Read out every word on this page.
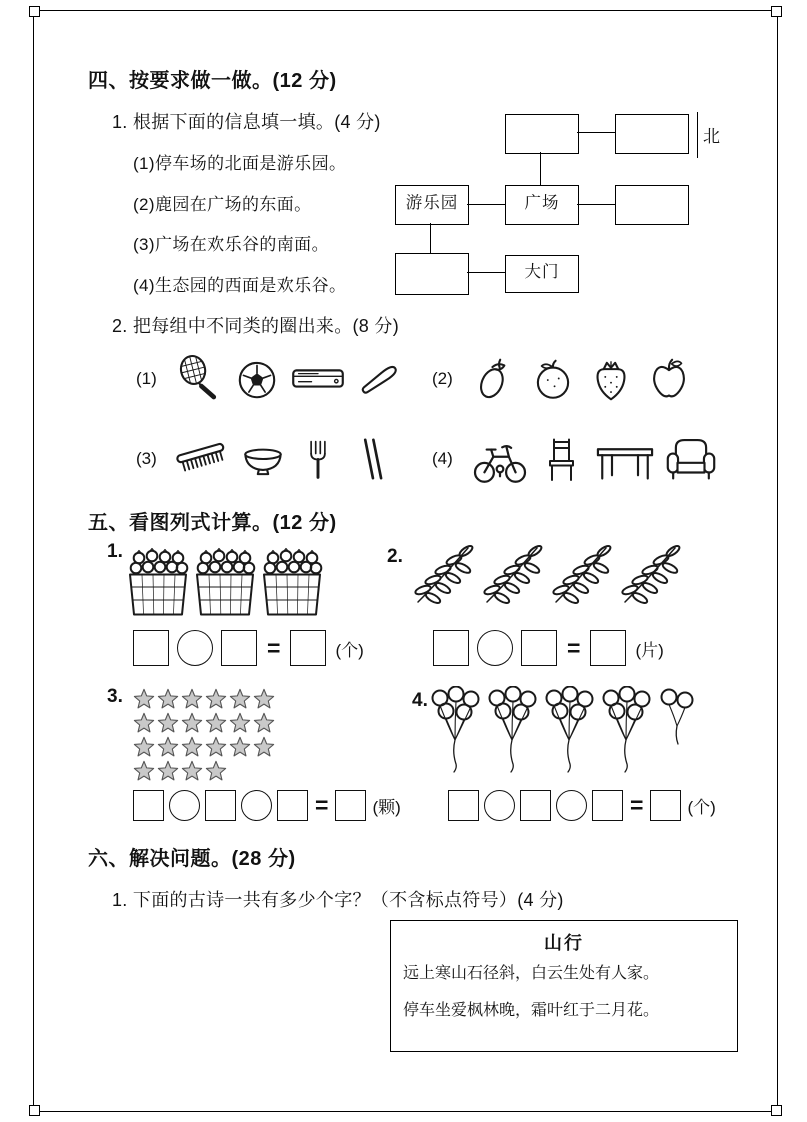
四、按要求做一做。(12 分)
1. 根据下面的信息填一填。(4 分)
(1)停车场的北面是游乐园。
(2)鹿园在广场的东面。
(3)广场在欢乐谷的南面。
(4)生态园的西面是欢乐谷。
北
游乐园	广场
大门
2. 把每组中不同类的圈出来。(8 分)
(1)	(2)
(3)	(4)
五、看图列式计算。(12 分)
1.
=	(个)
2.
=	(片)
3.
=	(颗)
4.
=	(个)
六、解决问题。(28 分)
1. 下面的古诗一共有多少个字？（不含标点符号）(4 分)
山行
远上寒山石径斜，白云生处有人家。
停车坐爱枫林晚，霜叶红于二月花。
